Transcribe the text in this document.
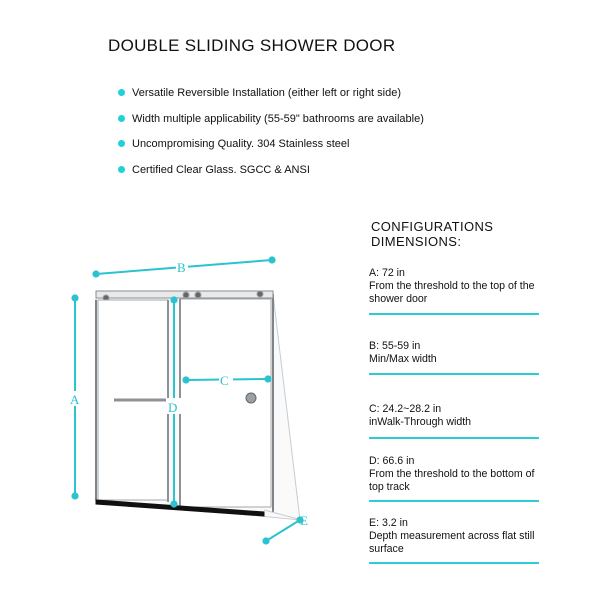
DOUBLE SLIDING SHOWER DOOR
Versatile Reversible Installation (either left or right side)
Width multiple applicability (55-59" bathrooms are available)
Uncompromising Quality. 304 Stainless steel
Certified Clear Glass. SGCC & ANSI
B
A
D
C
E
CONFIGURATIONS
DIMENSIONS:
A: 72 in
From the threshold to the top of the shower door
B: 55-59 in
Min/Max width
C: 24.2~28.2 in
inWalk-Through width
D: 66.6 in
From the threshold to the bottom of top track
E: 3.2 in
Depth measurement across flat still surface
